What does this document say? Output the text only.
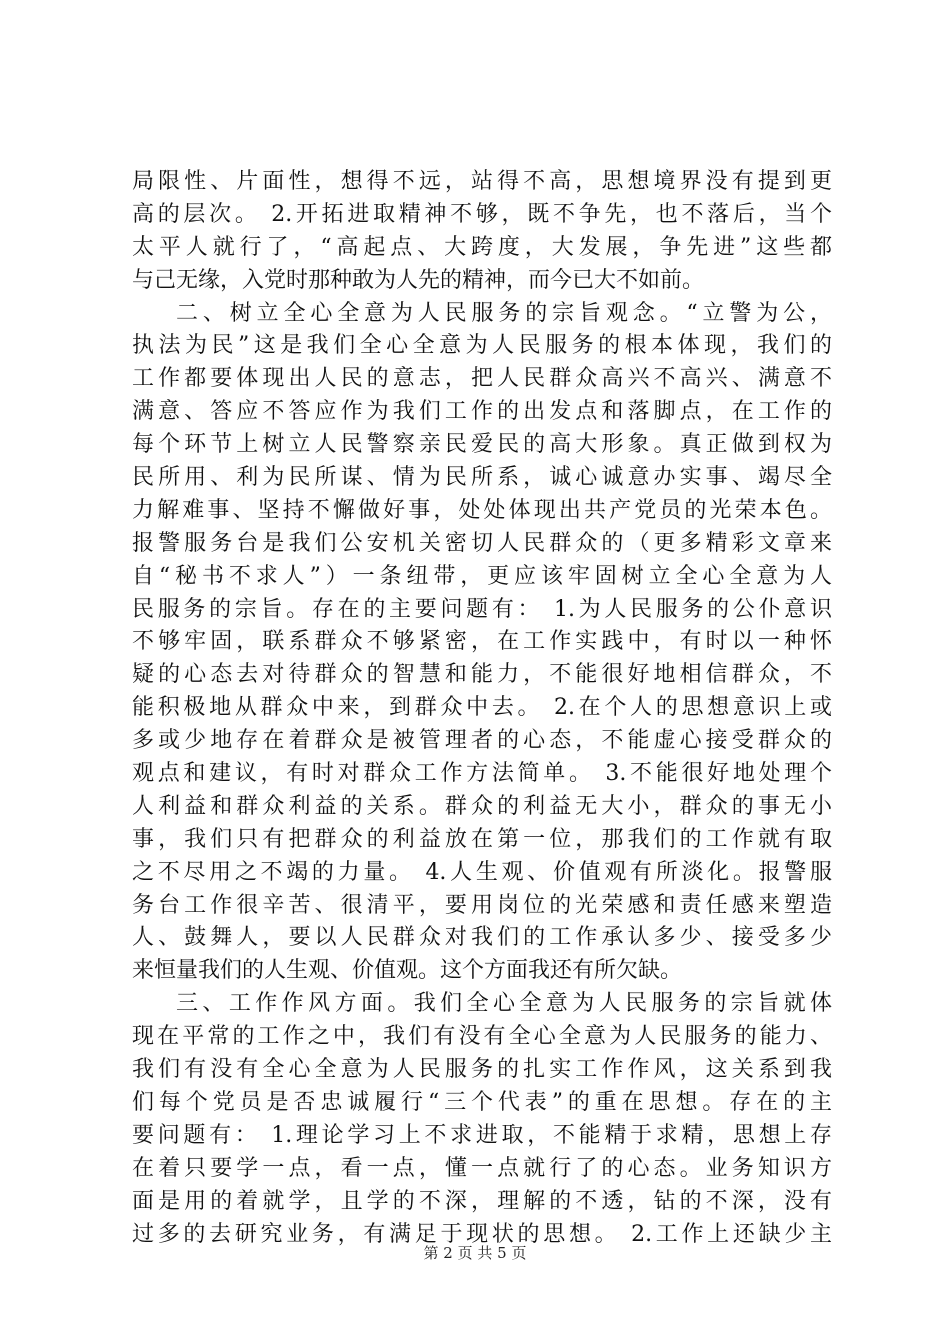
局限性、片面性，想得不远，站得不高，思想境界没有提到更
高的层次。 2.开拓进取精神不够，既不争先，也不落后，当个
太平人就行了，“高起点、大跨度，大发展，争先进”这些都
与己无缘，入党时那种敢为人先的精神，而今已大不如前。
二、树立全心全意为人民服务的宗旨观念。“立警为公，
执法为民”这是我们全心全意为人民服务的根本体现，我们的
工作都要体现出人民的意志，把人民群众高兴不高兴、满意不
满意、答应不答应作为我们工作的出发点和落脚点，在工作的
每个环节上树立人民警察亲民爱民的高大形象。真正做到权为
民所用、利为民所谋、情为民所系，诚心诚意办实事、竭尽全
力解难事、坚持不懈做好事，处处体现出共产党员的光荣本色。
报警服务台是我们公安机关密切人民群众的（更多精彩文章来
自“秘书不求人”）一条纽带，更应该牢固树立全心全意为人
民服务的宗旨。存在的主要问题有： 1.为人民服务的公仆意识
不够牢固，联系群众不够紧密，在工作实践中，有时以一种怀
疑的心态去对待群众的智慧和能力，不能很好地相信群众，不
能积极地从群众中来，到群众中去。 2.在个人的思想意识上或
多或少地存在着群众是被管理者的心态，不能虚心接受群众的
观点和建议，有时对群众工作方法简单。 3.不能很好地处理个
人利益和群众利益的关系。群众的利益无大小，群众的事无小
事，我们只有把群众的利益放在第一位，那我们的工作就有取
之不尽用之不竭的力量。 4.人生观、价值观有所淡化。报警服
务台工作很辛苦、很清平，要用岗位的光荣感和责任感来塑造
人、鼓舞人，要以人民群众对我们的工作承认多少、接受多少
来恒量我们的人生观、价值观。这个方面我还有所欠缺。
三、工作作风方面。我们全心全意为人民服务的宗旨就体
现在平常的工作之中，我们有没有全心全意为人民服务的能力、
我们有没有全心全意为人民服务的扎实工作作风，这关系到我
们每个党员是否忠诚履行“三个代表”的重在思想。存在的主
要问题有： 1.理论学习上不求进取，不能精于求精，思想上存
在着只要学一点，看一点，懂一点就行了的心态。业务知识方
面是用的着就学，且学的不深，理解的不透，钻的不深，没有
过多的去研究业务，有满足于现状的思想。 2.工作上还缺少主
第 2 页 共 5 页
